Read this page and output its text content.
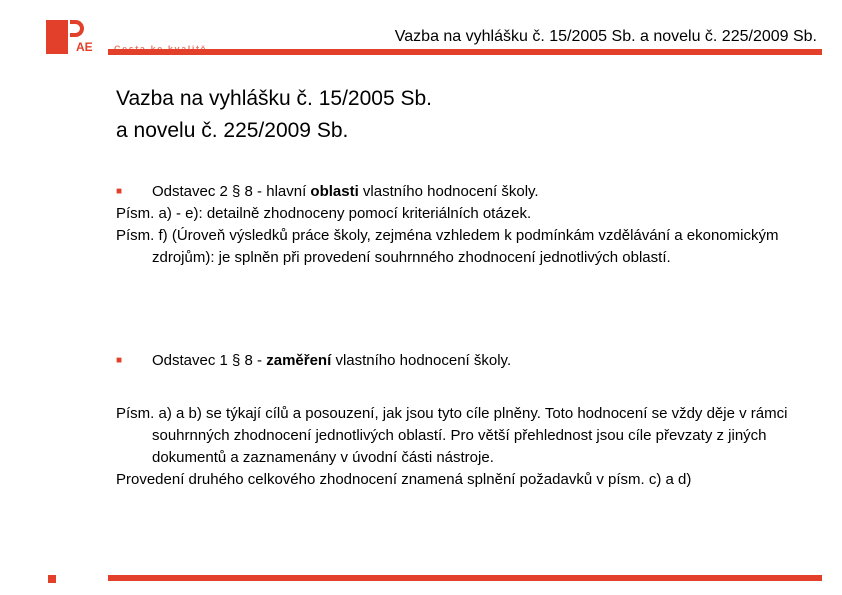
AE
Vazba na vyhlášku č. 15/2005 Sb. a novelu č. 225/2009 Sb.
Vazba na vyhlášku č. 15/2005 Sb.
a novelu č. 225/2009 Sb.

■ Odstavec 2 § 8 - hlavní oblasti vlastního hodnocení školy.

Písm. a) - e): detailně zhodnoceny pomocí kriteriálních otázek.

Písm. f) (Úroveň výsledků práce školy, zejména vzhledem k podmínkám vzdělávání a ekonomickým zdrojům): je splněn při provedení souhrnného zhodnocení jednotlivých oblastí.

■ Odstavec 1 § 8 - zaměření vlastního hodnocení školy.

Písm. a) a b) se týkají cílů a posouzení, jak jsou tyto cíle plněny. Toto hodnocení se vždy děje v rámci souhrnných zhodnocení jednotlivých oblastí. Pro větší přehlednost jsou cíle převzaty z jiných dokumentů a zaznamenány v úvodní části nástroje.

Provedení druhého celkového zhodnocení znamená splnění požadavků v písm. c) a d)
